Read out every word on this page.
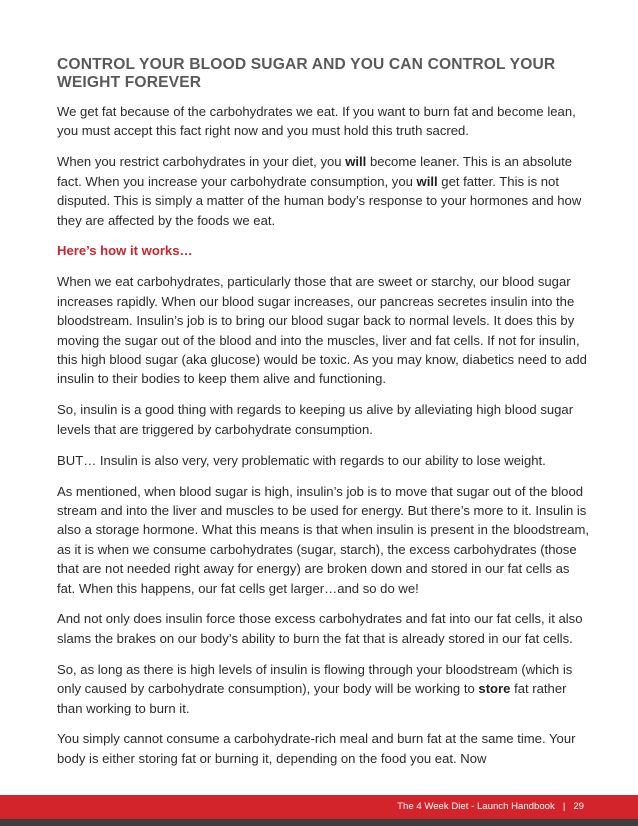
CONTROL YOUR BLOOD SUGAR AND YOU CAN CONTROL YOUR WEIGHT FOREVER

We get fat because of the carbohydrates we eat. If you want to burn fat and become lean, you must accept this fact right now and you must hold this truth sacred.

When you restrict carbohydrates in your diet, you will become leaner. This is an absolute fact. When you increase your carbohydrate consumption, you will get fatter. This is not disputed. This is simply a matter of the human body’s response to your hormones and how they are affected by the foods we eat.

Here’s how it works…

When we eat carbohydrates, particularly those that are sweet or starchy, our blood sugar increases rapidly. When our blood sugar increases, our pancreas secretes insulin into the bloodstream. Insulin’s job is to bring our blood sugar back to normal levels. It does this by moving the sugar out of the blood and into the muscles, liver and fat cells. If not for insulin, this high blood sugar (aka glucose) would be toxic. As you may know, diabetics need to add insulin to their bodies to keep them alive and functioning.

So, insulin is a good thing with regards to keeping us alive by alleviating high blood sugar levels that are triggered by carbohydrate consumption.

BUT… Insulin is also very, very problematic with regards to our ability to lose weight.

As mentioned, when blood sugar is high, insulin’s job is to move that sugar out of the blood stream and into the liver and muscles to be used for energy. But there’s more to it. Insulin is also a storage hormone. What this means is that when insulin is present in the bloodstream, as it is when we consume carbohydrates (sugar, starch), the excess carbohydrates (those that are not needed right away for energy) are broken down and stored in our fat cells as fat. When this happens, our fat cells get larger…and so do we!

And not only does insulin force those excess carbohydrates and fat into our fat cells, it also slams the brakes on our body’s ability to burn the fat that is already stored in our fat cells.

So, as long as there is high levels of insulin is flowing through your bloodstream (which is only caused by carbohydrate consumption), your body will be working to store fat rather than working to burn it.

You simply cannot consume a carbohydrate-rich meal and burn fat at the same time. Your body is either storing fat or burning it, depending on the food you eat. Now

The 4 Week Diet - Launch Handbook | 29
